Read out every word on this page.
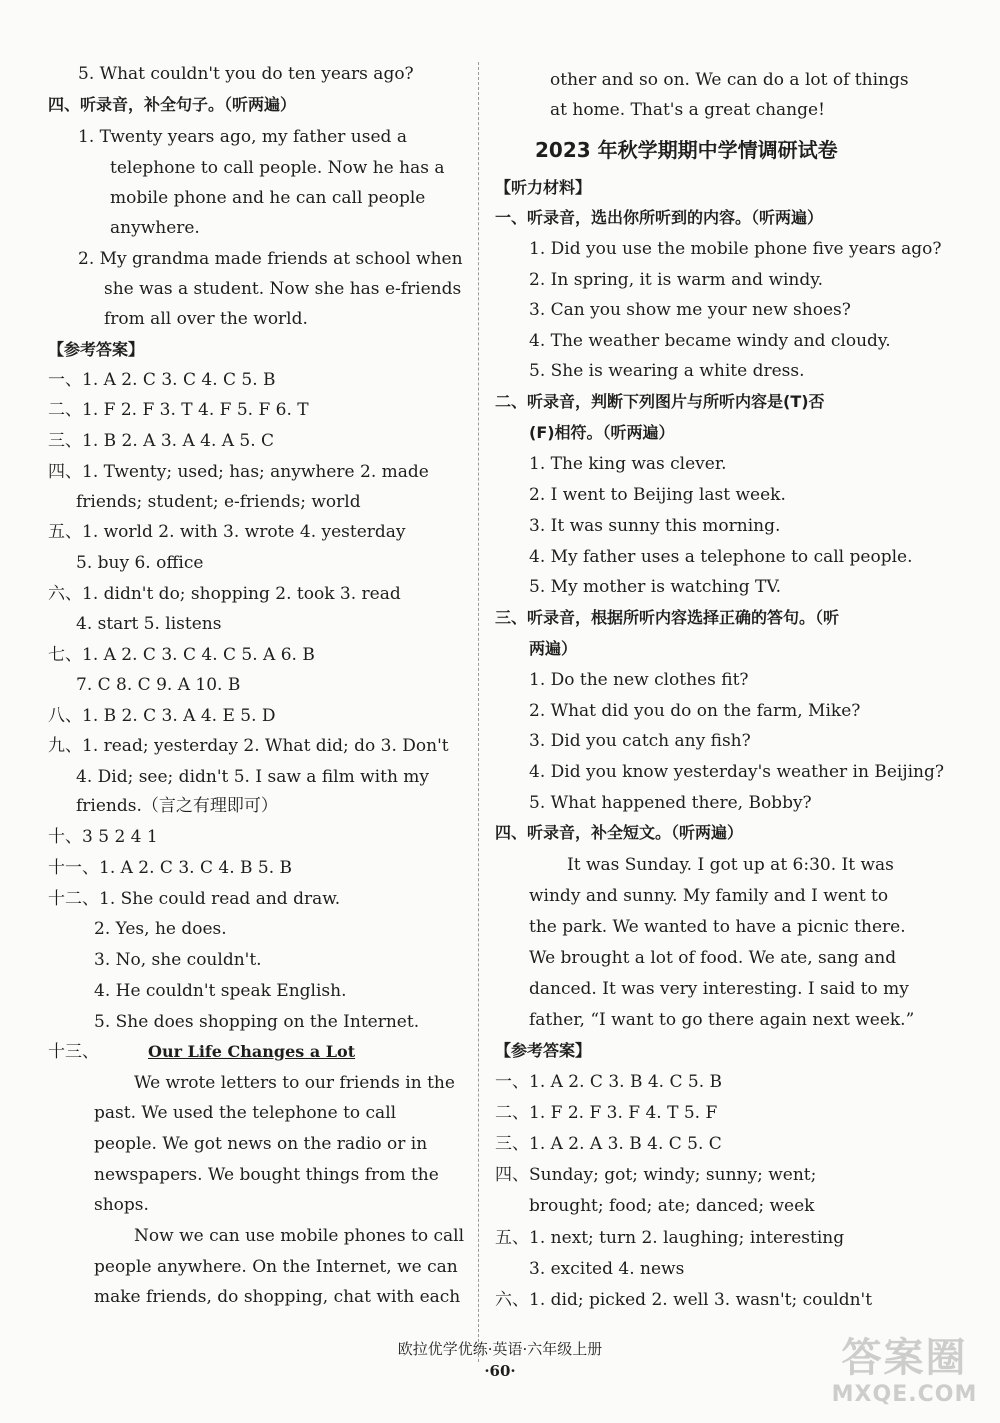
5. What couldn't you do ten years ago?
四、听录音，补全句子。（听两遍）
1. Twenty years ago, my father used a
telephone to call people. Now he has a
mobile phone and he can call people
anywhere.
2. My grandma made friends at school when
she was a student. Now she has e-friends
from all over the world.
【参考答案】
一、1. A 2. C 3. C 4. C 5. B
二、1. F 2. F 3. T 4. F 5. F 6. T
三、1. B 2. A 3. A 4. A 5. C
四、1. Twenty; used; has; anywhere 2. made
friends; student; e-friends; world
五、1. world 2. with 3. wrote 4. yesterday
5. buy 6. office
六、1. didn't do; shopping 2. took 3. read
4. start 5. listens
七、1. A 2. C 3. C 4. C 5. A 6. B
7. C 8. C 9. A 10. B
八、1. B 2. C 3. A 4. E 5. D
九、1. read; yesterday 2. What did; do 3. Don't
4. Did; see; didn't 5. I saw a film with my
friends.（言之有理即可）
十、3 5 2 4 1
十一、1. A 2. C 3. C 4. B 5. B
十二、1. She could read and draw.
2. Yes, he does.
3. No, she couldn't.
4. He couldn't speak English.
5. She does shopping on the Internet.
十三、	Our Life Changes a Lot
We wrote letters to our friends in the
past. We used the telephone to call
people. We got news on the radio or in
newspapers. We bought things from the
shops.
Now we can use mobile phones to call
people anywhere. On the Internet, we can
make friends, do shopping, chat with each
other and so on. We can do a lot of things
at home. That's a great change!
【听力材料】
一、听录音，选出你所听到的内容。（听两遍）
1. Did you use the mobile phone five years ago?
2. In spring, it is warm and windy.
3. Can you show me your new shoes?
4. The weather became windy and cloudy.
5. She is wearing a white dress.
二、听录音，判断下列图片与所听内容是(T)否
(F)相符。（听两遍）
1. The king was clever.
2. I went to Beijing last week.
3. It was sunny this morning.
4. My father uses a telephone to call people.
5. My mother is watching TV.
三、听录音，根据所听内容选择正确的答句。（听
两遍）
1. Do the new clothes fit?
2. What did you do on the farm, Mike?
3. Did you catch any fish?
4. Did you know yesterday's weather in Beijing?
5. What happened there, Bobby?
四、听录音，补全短文。（听两遍）
It was Sunday. I got up at 6:30. It was
windy and sunny. My family and I went to
the park. We wanted to have a picnic there.
We brought a lot of food. We ate, sang and
danced. It was very interesting. I said to my
father, “I want to go there again next week.”
【参考答案】
一、1. A 2. C 3. B 4. C 5. B
二、1. F 2. F 3. F 4. T 5. F
三、1. A 2. A 3. B 4. C 5. C
四、Sunday; got; windy; sunny; went;
brought; food; ate; danced; week
五、1. next; turn 2. laughing; interesting
3. excited 4. news
六、1. did; picked 2. well 3. wasn't; couldn't
2023 年秋学期期中学情调研试卷
欧拉优学优练·英语·六年级上册
·60·	答案圈
MXQE.COM
